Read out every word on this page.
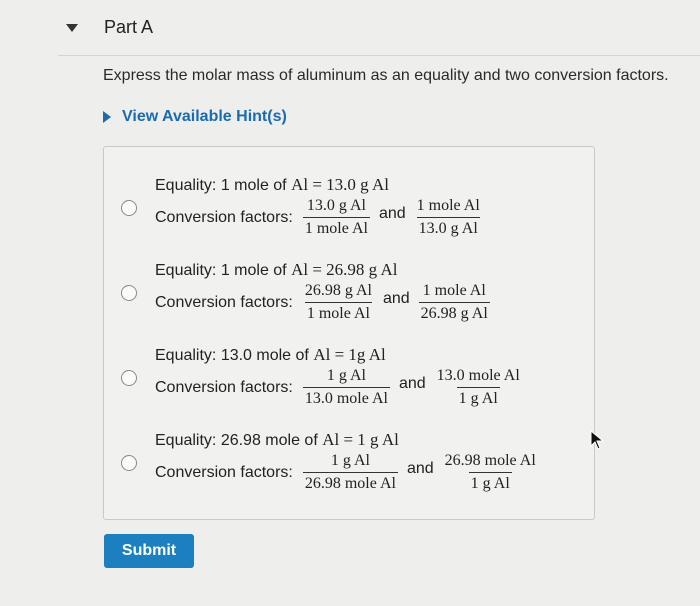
Part A
Express the molar mass of aluminum as an equality and two conversion factors.
View Available Hint(s)
Equality: 1 mole of Al = 13.0 g Al
Conversion factors: $\frac{\text{13.0 g Al}}{\text{1 mole Al}}$ and $\frac{\text{1 mole Al}}{\text{13.0 g Al}}$
Equality: 1 mole of Al = 26.98 g Al
Conversion factors: $\frac{\text{26.98 g Al}}{\text{1 mole Al}}$ and $\frac{\text{1 mole Al}}{\text{26.98 g Al}}$
Equality: 13.0 mole of Al = 1g Al
Conversion factors: $\frac{\text{1 g Al}}{\text{13.0 mole Al}}$ and $\frac{\text{13.0 mole Al}}{\text{1 g Al}}$
Equality: 26.98 mole of Al = 1 g Al
Conversion factors: $\frac{\text{1 g Al}}{\text{26.98 mole Al}}$ and $\frac{\text{26.98 mole Al}}{\text{1 g Al}}$
Submit
